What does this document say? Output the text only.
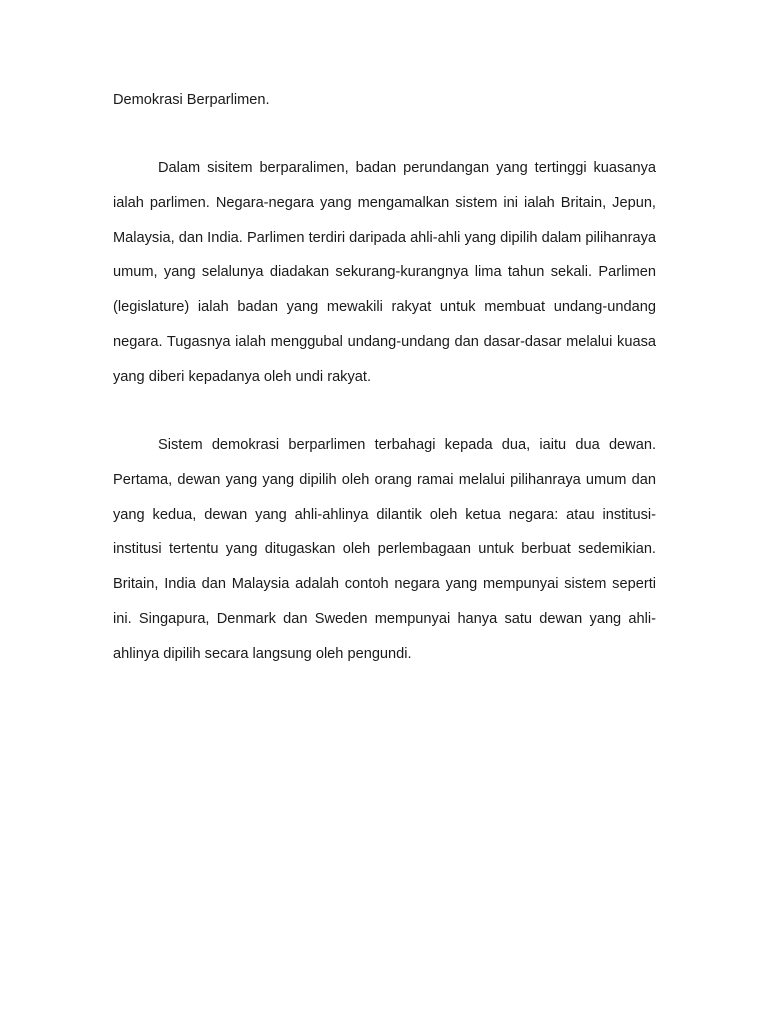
Demokrasi Berparlimen.

Dalam sisitem berparalimen, badan perundangan yang tertinggi kuasanya ialah parlimen. Negara-negara yang mengamalkan sistem ini ialah Britain, Jepun, Malaysia, dan India. Parlimen terdiri daripada ahli-ahli yang dipilih dalam pilihanraya umum, yang selalunya diadakan sekurang-kurangnya lima tahun sekali. Parlimen (legislature) ialah badan yang mewakili rakyat untuk membuat undang-undang negara. Tugasnya ialah menggubal undang-undang dan dasar-dasar melalui kuasa yang diberi kepadanya oleh undi rakyat.

Sistem demokrasi berparlimen terbahagi kepada dua, iaitu dua dewan. Pertama, dewan yang yang dipilih oleh orang ramai melalui pilihanraya umum dan yang kedua, dewan yang ahli-ahlinya dilantik oleh ketua negara: atau institusi-institusi tertentu yang ditugaskan oleh perlembagaan untuk berbuat sedemikian. Britain, India dan Malaysia adalah contoh negara yang mempunyai sistem seperti ini. Singapura, Denmark dan Sweden mempunyai hanya satu dewan yang ahli-ahlinya dipilih secara langsung oleh pengundi.
